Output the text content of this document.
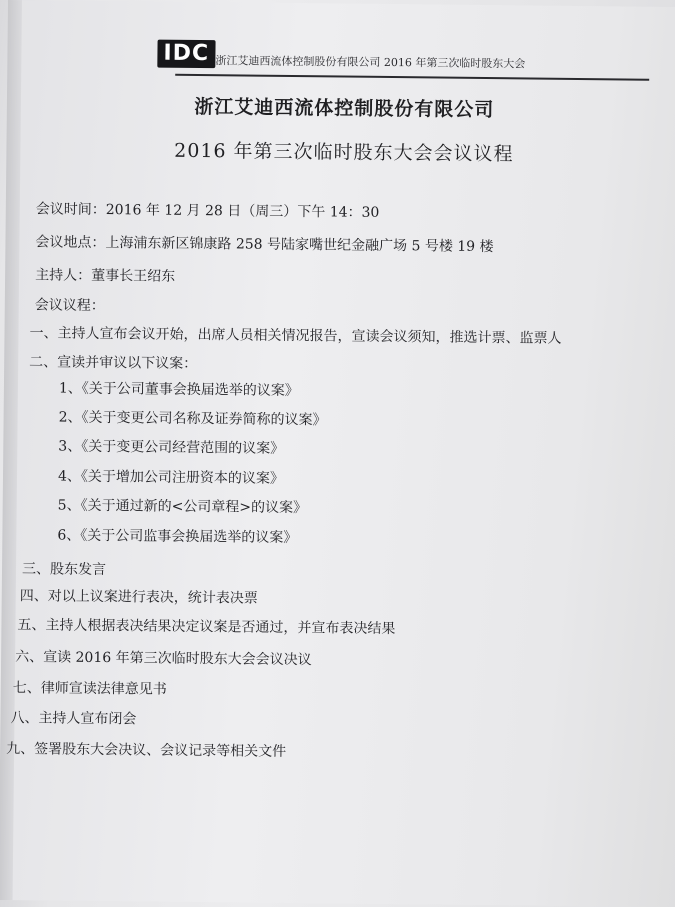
IDC 浙江艾迪西流体控制股份有限公司 2016 年第三次临时股东大会
浙江艾迪西流体控制股份有限公司
2016 年第三次临时股东大会会议议程
会议时间：2016 年 12 月 28 日（周三）下午 14：30
会议地点：上海浦东新区锦康路 258 号陆家嘴世纪金融广场 5 号楼 19 楼
主持人：董事长王绍东
会议议程：
一、主持人宣布会议开始，出席人员相关情况报告，宣读会议须知，推选计票、监票人
二、宣读并审议以下议案：
1、《关于公司董事会换届选举的议案》
2、《关于变更公司名称及证券简称的议案》
3、《关于变更公司经营范围的议案》
4、《关于增加公司注册资本的议案》
5、《关于通过新的<公司章程>的议案》
6、《关于公司监事会换届选举的议案》
三、股东发言
四、对以上议案进行表决，统计表决票
五、主持人根据表决结果决定议案是否通过，并宣布表决结果
六、宣读 2016 年第三次临时股东大会会议决议
七、律师宣读法律意见书
八、主持人宣布闭会
九、签署股东大会决议、会议记录等相关文件
